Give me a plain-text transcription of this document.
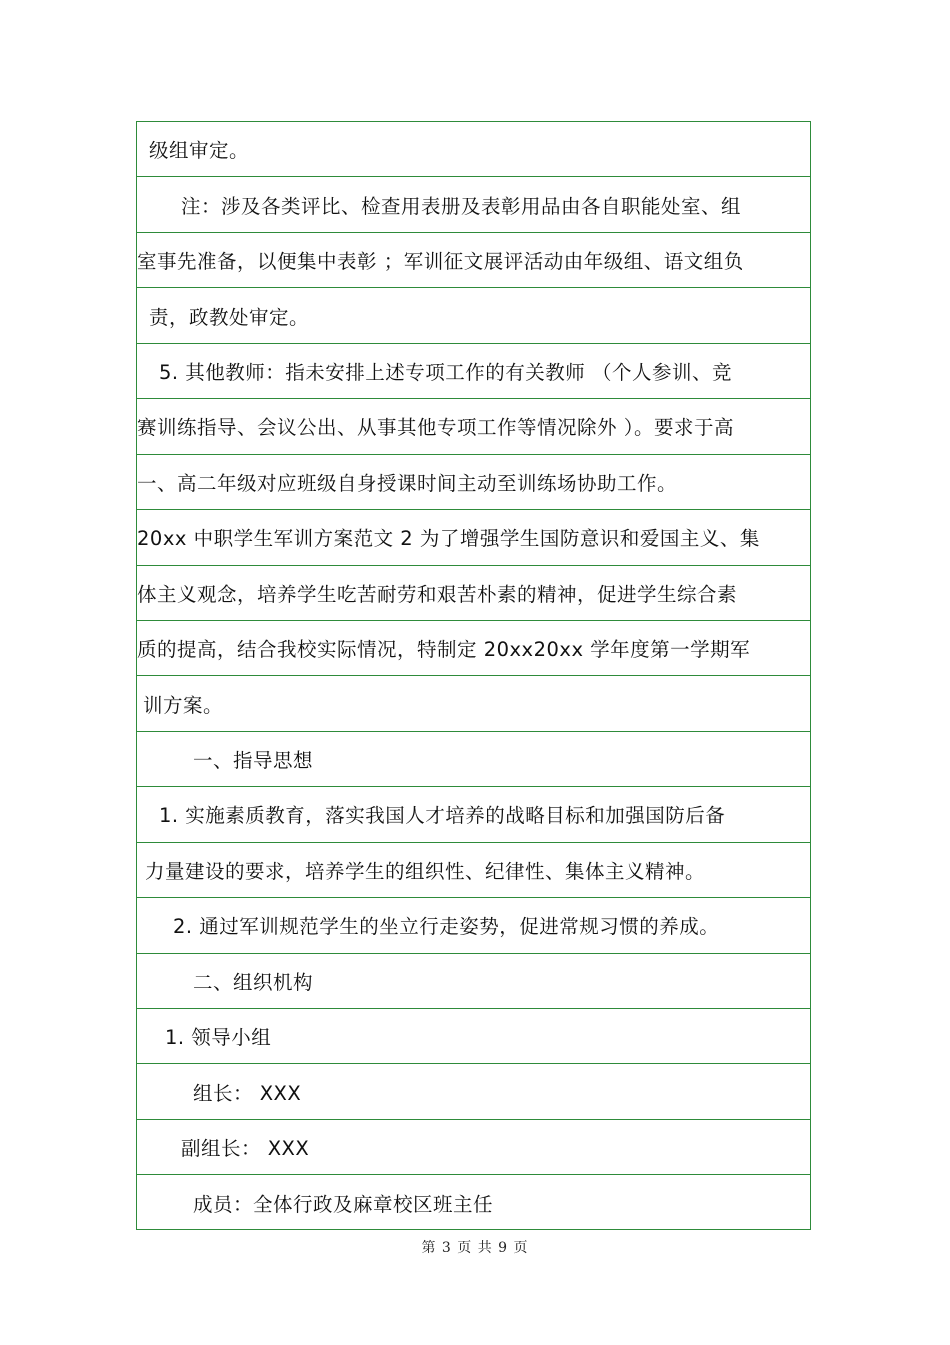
级组审定。
注：涉及各类评比、检查用表册及表彰用品由各自职能处室、组
室事先准备，以便集中表彰 ；军训征文展评活动由年级组、语文组负
责，政教处审定。
5. 其他教师：指未安排上述专项工作的有关教师 （个人参训、竞
赛训练指导、会议公出、从事其他专项工作等情况除外 ）。要求于高
一、高二年级对应班级自身授课时间主动至训练场协助工作。
20xx 中职学生军训方案范文 2 为了增强学生国防意识和爱国主义、集
体主义观念，培养学生吃苦耐劳和艰苦朴素的精神，促进学生综合素
质的提高，结合我校实际情况，特制定 20xx20xx 学年度第一学期军
训方案。
一、指导思想
1. 实施素质教育，落实我国人才培养的战略目标和加强国防后备
力量建设的要求，培养学生的组织性、纪律性、集体主义精神。
2. 通过军训规范学生的坐立行走姿势，促进常规习惯的养成。
二、组织机构
1. 领导小组
组长： XXX
副组长： XXX
成员：全体行政及麻章校区班主任
第 3 页 共 9 页
